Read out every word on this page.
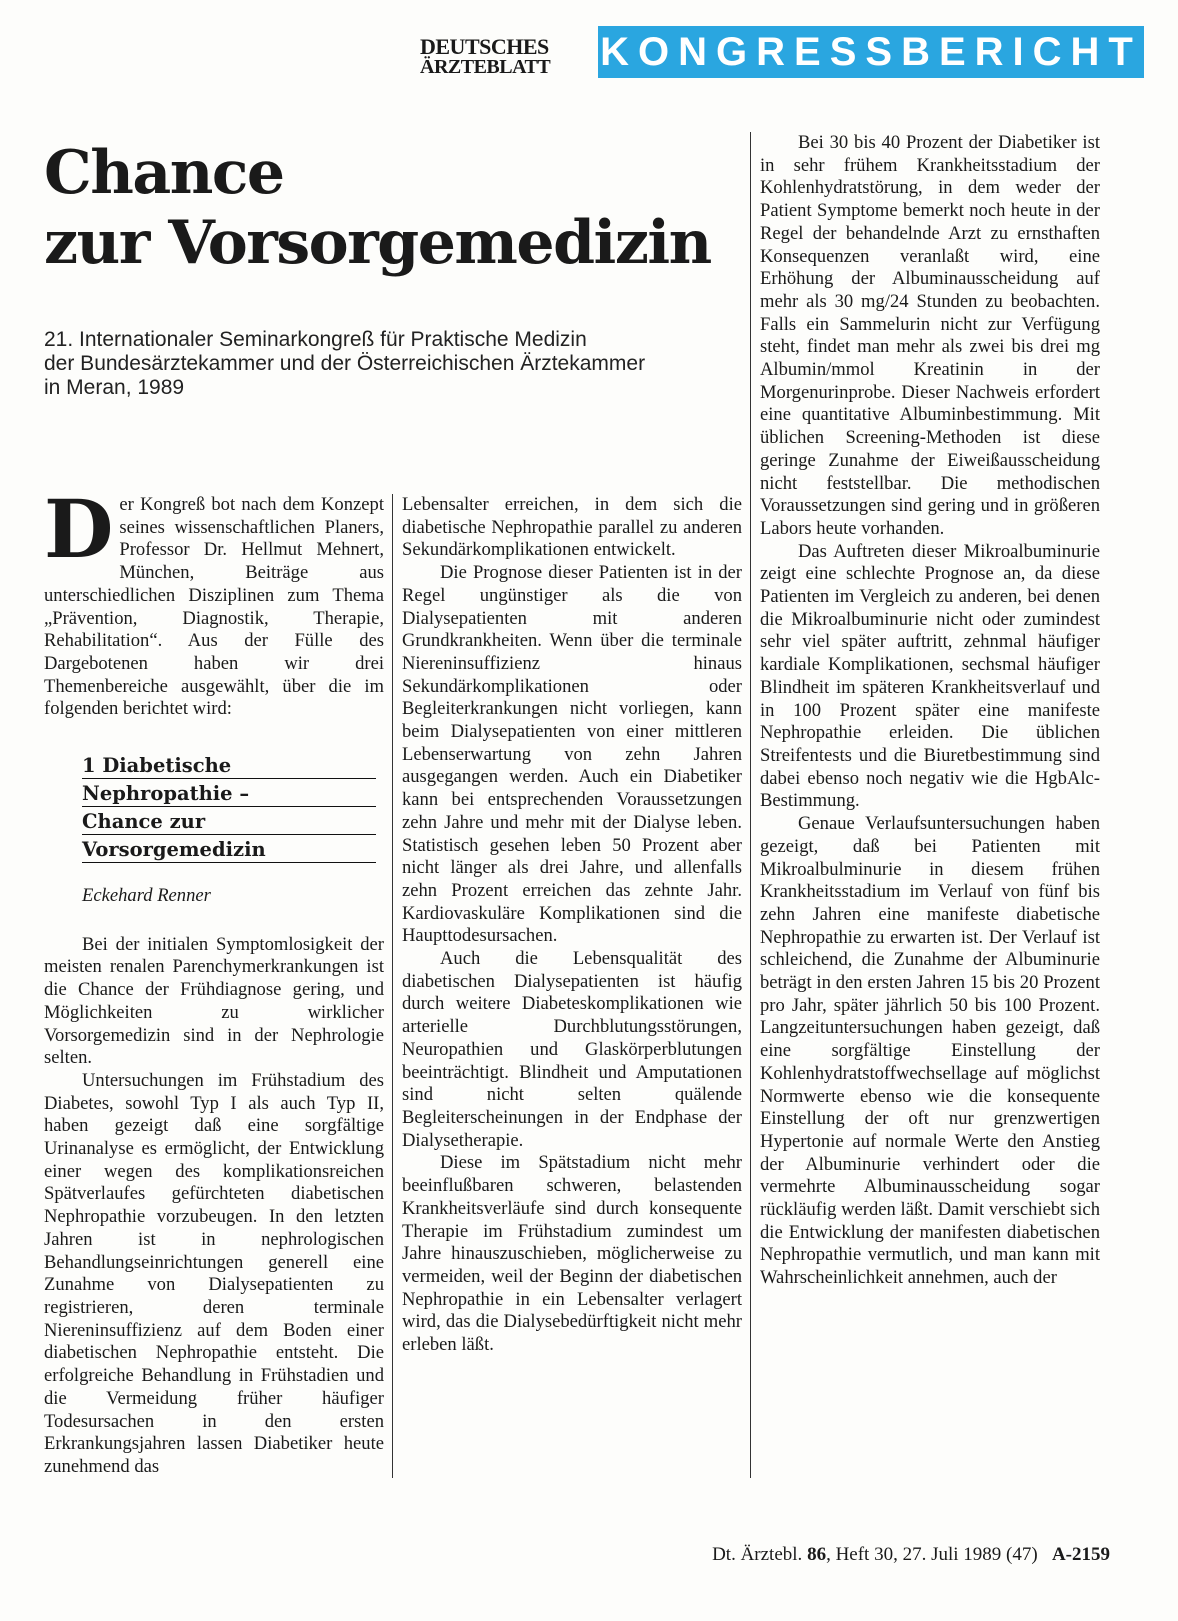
DEUTSCHES
ÄRZTEBLATT	KONGRESSBERICHT
Chance
zur Vorsorgemedizin
21. Internationaler Seminarkongreß für Praktische Medizin
der Bundesärztekammer und der Österreichischen Ärztekammer
in Meran, 1989

Der Kongreß bot nach dem Konzept seines wissenschaftlichen Planers, Professor Dr. Hellmut Mehnert, München, Beiträge aus unterschiedlichen Disziplinen zum Thema „Prävention, Diagnostik, Therapie, Rehabilitation“. Aus der Fülle des Dargebotenen haben wir drei Themenbereiche ausgewählt, über die im folgenden berichtet wird:

1 Diabetische
Nephropathie –
Chance zur
Vorsorgemedizin
Eckehard Renner

Bei der initialen Symptomlosigkeit der meisten renalen Parenchymerkrankungen ist die Chance der Frühdiagnose gering, und Möglichkeiten zu wirklicher Vorsorgemedizin sind in der Nephrologie selten.

Untersuchungen im Frühstadium des Diabetes, sowohl Typ I als auch Typ II, haben gezeigt daß eine sorgfältige Urinanalyse es ermöglicht, der Entwicklung einer wegen des komplikationsreichen Spätverlaufes gefürchteten diabetischen Nephropathie vorzubeugen. In den letzten Jahren ist in nephrologischen Behandlungseinrichtungen generell eine Zunahme von Dialysepatienten zu registrieren, deren terminale Niereninsuffizienz auf dem Boden einer diabetischen Nephropathie entsteht. Die erfolgreiche Behandlung in Frühstadien und die Vermeidung früher häufiger Todesursachen in den ersten Erkrankungsjahren lassen Diabetiker heute zunehmend das

Lebensalter erreichen, in dem sich die diabetische Nephropathie parallel zu anderen Sekundärkomplikationen entwickelt.

Die Prognose dieser Patienten ist in der Regel ungünstiger als die von Dialysepatienten mit anderen Grundkrankheiten. Wenn über die terminale Niereninsuffizienz hinaus Sekundärkomplikationen oder Begleiterkrankungen nicht vorliegen, kann beim Dialysepatienten von einer mittleren Lebenserwartung von zehn Jahren ausgegangen werden. Auch ein Diabetiker kann bei entsprechenden Voraussetzungen zehn Jahre und mehr mit der Dialyse leben. Statistisch gesehen leben 50 Prozent aber nicht länger als drei Jahre, und allenfalls zehn Prozent erreichen das zehnte Jahr. Kardiovaskuläre Komplikationen sind die Haupttodesursachen.

Auch die Lebensqualität des diabetischen Dialysepatienten ist häufig durch weitere Diabeteskomplikationen wie arterielle Durchblutungsstörungen, Neuropathien und Glaskörperblutungen beeinträchtigt. Blindheit und Amputationen sind nicht selten quälende Begleiterscheinungen in der Endphase der Dialysetherapie.

Diese im Spätstadium nicht mehr beeinflußbaren schweren, belastenden Krankheitsverläufe sind durch konsequente Therapie im Frühstadium zumindest um Jahre hinauszuschieben, möglicherweise zu vermeiden, weil der Beginn der diabetischen Nephropathie in ein Lebensalter verlagert wird, das die Dialysebedürftigkeit nicht mehr erleben läßt.

Bei 30 bis 40 Prozent der Diabetiker ist in sehr frühem Krankheitsstadium der Kohlenhydratstörung, in dem weder der Patient Symptome bemerkt noch heute in der Regel der behandelnde Arzt zu ernsthaften Konsequenzen veranlaßt wird, eine Erhöhung der Albuminausscheidung auf mehr als 30 mg/24 Stunden zu beobachten. Falls ein Sammelurin nicht zur Verfügung steht, findet man mehr als zwei bis drei mg Albumin/mmol Kreatinin in der Morgenurinprobe. Dieser Nachweis erfordert eine quantitative Albuminbestimmung. Mit üblichen Screening-Methoden ist diese geringe Zunahme der Eiweißausscheidung nicht feststellbar. Die methodischen Voraussetzungen sind gering und in größeren Labors heute vorhanden.

Das Auftreten dieser Mikroalbuminurie zeigt eine schlechte Prognose an, da diese Patienten im Vergleich zu anderen, bei denen die Mikroalbuminurie nicht oder zumindest sehr viel später auftritt, zehnmal häufiger kardiale Komplikationen, sechsmal häufiger Blindheit im späteren Krankheitsverlauf und in 100 Prozent später eine manifeste Nephropathie erleiden. Die üblichen Streifentests und die Biuretbestimmung sind dabei ebenso noch negativ wie die HgbAlc-Bestimmung.

Genaue Verlaufsuntersuchungen haben gezeigt, daß bei Patienten mit Mikroalbulminurie in diesem frühen Krankheitsstadium im Verlauf von fünf bis zehn Jahren eine manifeste diabetische Nephropathie zu erwarten ist. Der Verlauf ist schleichend, die Zunahme der Albuminurie beträgt in den ersten Jahren 15 bis 20 Prozent pro Jahr, später jährlich 50 bis 100 Prozent. Langzeituntersuchungen haben gezeigt, daß eine sorgfältige Einstellung der Kohlenhydratstoffwechsellage auf möglichst Normwerte ebenso wie die konsequente Einstellung der oft nur grenzwertigen Hypertonie auf normale Werte den Anstieg der Albuminurie verhindert oder die vermehrte Albuminausscheidung sogar rückläufig werden läßt. Damit verschiebt sich die Entwicklung der manifesten diabetischen Nephropathie vermutlich, und man kann mit Wahrscheinlichkeit annehmen, auch der

Dt. Ärztebl. 86, Heft 30, 27. Juli 1989 (47) A-2159
